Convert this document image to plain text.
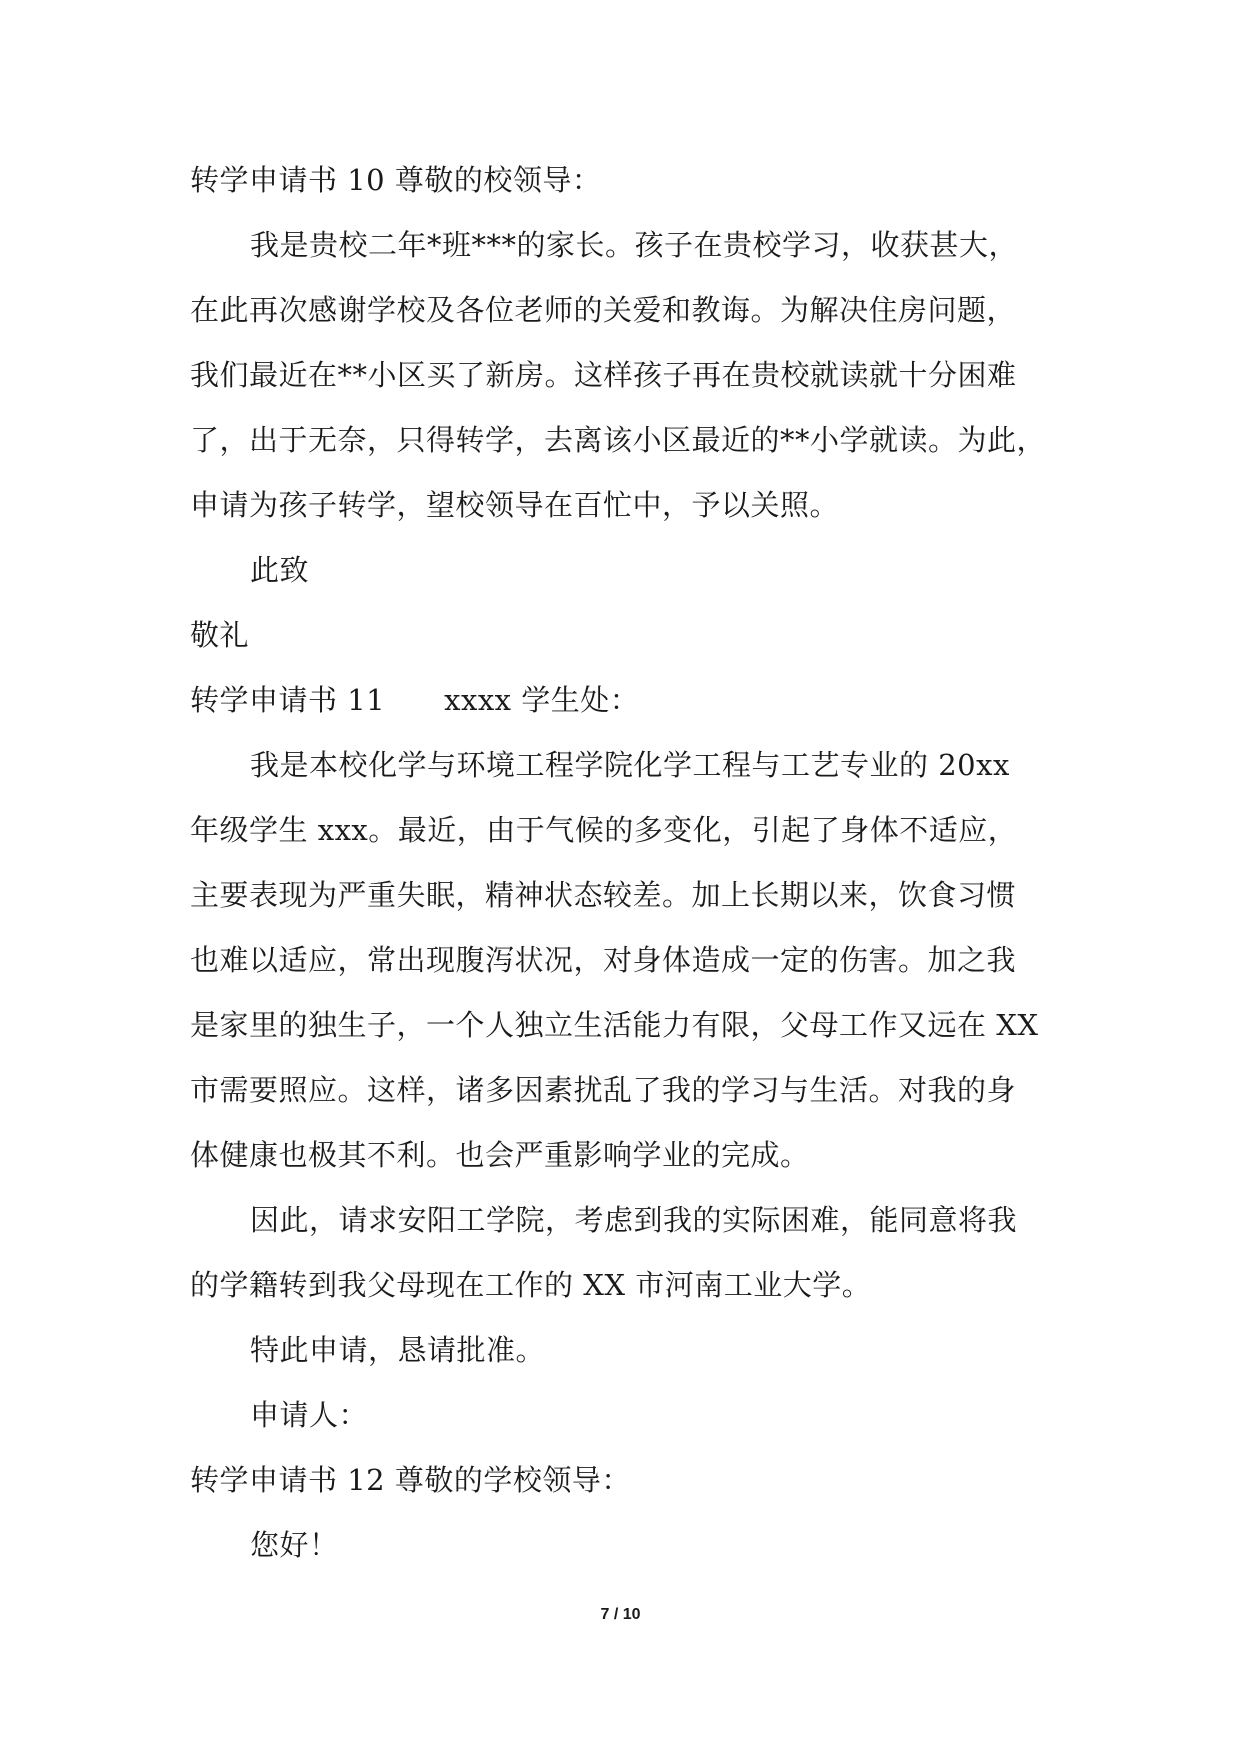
转学申请书 10 尊敬的校领导：
我是贵校二年*班***的家长。孩子在贵校学习，收获甚大，
在此再次感谢学校及各位老师的关爱和教诲。为解决住房问题，
我们最近在**小区买了新房。这样孩子再在贵校就读就十分困难
了，出于无奈，只得转学，去离该小区最近的**小学就读。为此，
申请为孩子转学，望校领导在百忙中，予以关照。
此致
敬礼
转学申请书 11　　xxxx 学生处：
我是本校化学与环境工程学院化学工程与工艺专业的 20xx
年级学生 xxx。最近，由于气候的多变化，引起了身体不适应，
主要表现为严重失眠，精神状态较差。加上长期以来，饮食习惯
也难以适应，常出现腹泻状况，对身体造成一定的伤害。加之我
是家里的独生子，一个人独立生活能力有限，父母工作又远在 XX
市需要照应。这样，诸多因素扰乱了我的学习与生活。对我的身
体健康也极其不利。也会严重影响学业的完成。
因此，请求安阳工学院，考虑到我的实际困难，能同意将我
的学籍转到我父母现在工作的 XX 市河南工业大学。
特此申请，恳请批准。
申请人：
转学申请书 12 尊敬的学校领导：
您好！
7 / 10
